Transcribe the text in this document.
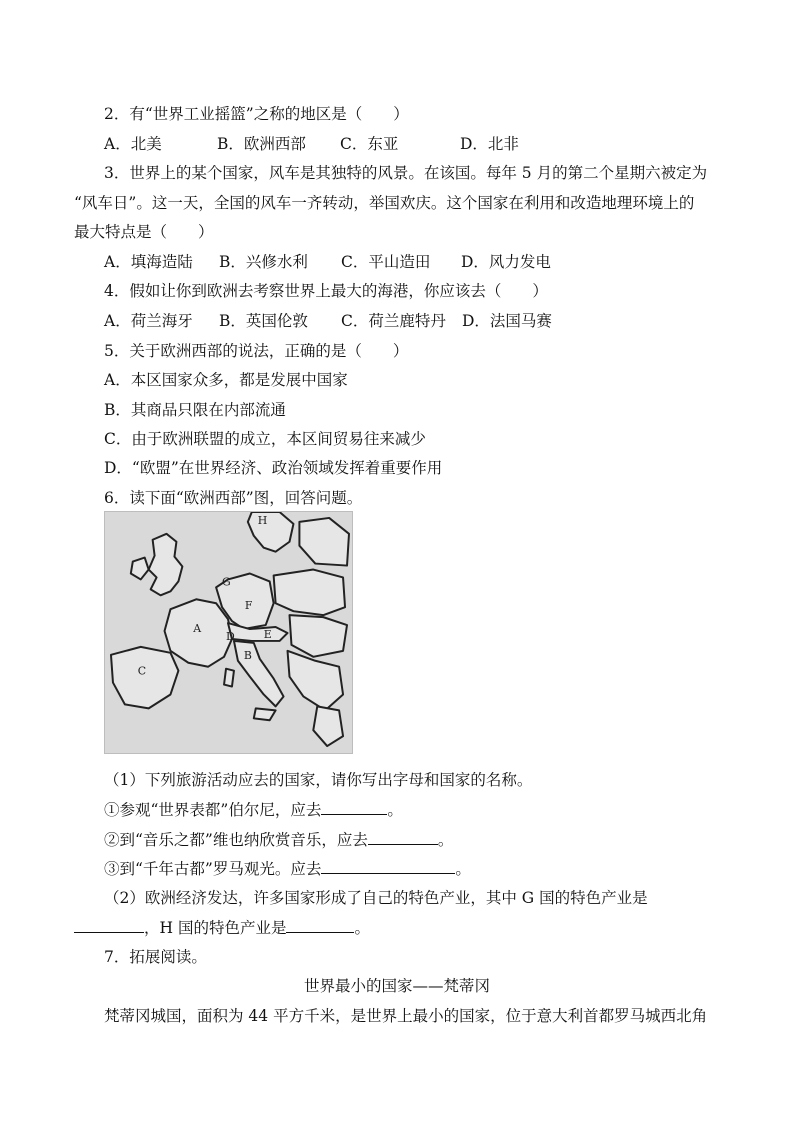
2．有“世界工业摇篮”之称的地区是（　　）
A．北美	B．欧洲西部 C．东亚	D．北非
3．世界上的某个国家，风车是其独特的风景。在该国。每年 5 月的第二个星期六被定为
“风车日”。这一天，全国的风车一齐转动，举国欢庆。这个国家在利用和改造地理环境上的
最大特点是（　　）
A．填海造陆 B．兴修水利 C．平山造田 D．风力发电
4．假如让你到欧洲去考察世界上最大的海港，你应该去（　　）
A．荷兰海牙 B．英国伦敦 C．荷兰鹿特丹 D．法国马赛
5．关于欧洲西部的说法，正确的是（　　）
A．本区国家众多，都是发展中国家
B．其商品只限在内部流通
C．由于欧洲联盟的成立，本区间贸易往来减少
D．“欧盟”在世界经济、政治领域发挥着重要作用
6．读下面“欧洲西部”图，回答问题。
H
G
F
A
D	E
B
C
（1）下列旅游活动应去的国家，请你写出字母和国家的名称。
①参观“世界表都”伯尔尼，应去	。
②到“音乐之都”维也纳欣赏音乐，应去	。
③到“千年古都”罗马观光。应去	。
（2）欧洲经济发达，许多国家形成了自己的特色产业，其中 G 国的特色产业是
，H 国的特色产业是	。
7．拓展阅读。
世界最小的国家——梵蒂冈
梵蒂冈城国，面积为 44 平方千米，是世界上最小的国家，位于意大利首都罗马城西北角
